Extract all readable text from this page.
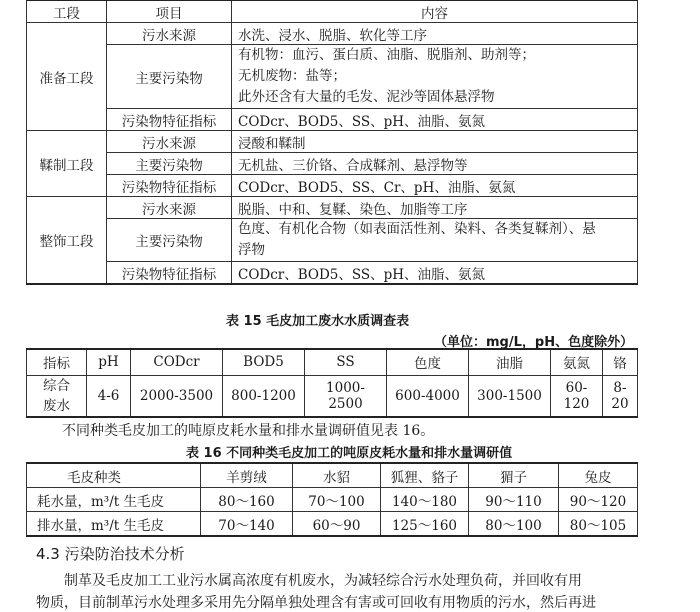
工段	项目	内容
准备工段	污水来源	水洗、浸水、脱脂、软化等工序
	主要污染物	有机物：血污、蛋白质、油脂、脱脂剂、助剂等；
无机废物：盐等；
此外还含有大量的毛发、泥沙等固体悬浮物

	污染物特征指标	CODcr、BOD5、SS、pH、油脂、氨氮
鞣制工段	污水来源	浸酸和鞣制
	主要污染物	无机盐、三价铬、合成鞣剂、悬浮物等
	污染物特征指标	CODcr、BOD5、SS、Cr、pH、油脂、氨氮
整饰工段	污水来源	脱脂、中和、复鞣、染色、加脂等工序
	主要污染物	色度、有机化合物（如表面活性剂、染料、各类复鞣剂）、悬
浮物

	污染物特征指标	CODcr、BOD5、SS、pH、油脂、氨氮
表 15 毛皮加工废水水质调查表
（单位：mg/L，pH、色度除外）
指标	pH	CODcr	BOD5	SS	色度	油脂	氨氮	铬

综合
废水	4-6	2000-3500	800-1200	1000-2500	600-4000	300-1500	60-120	8-20
不同种类毛皮加工的吨原皮耗水量和排水量调研值见表 16。
表 16 不同种类毛皮加工的吨原皮耗水量和排水量调研值
毛皮种类	羊剪绒	水貂	狐狸、貉子	猸子	兔皮
耗水量，m³/t 生毛皮	80～160	70～100	140～180	90～110	90～120
排水量，m³/t 生毛皮	70～140	60～90	125～160	80～100	80～105
4.3 污染防治技术分析
制革及毛皮加工工业污水属高浓度有机废水，为减轻综合污水处理负荷，并回收有用
物质，目前制革污水处理多采用先分隔单独处理含有害或可回收有用物质的污水，然后再进
